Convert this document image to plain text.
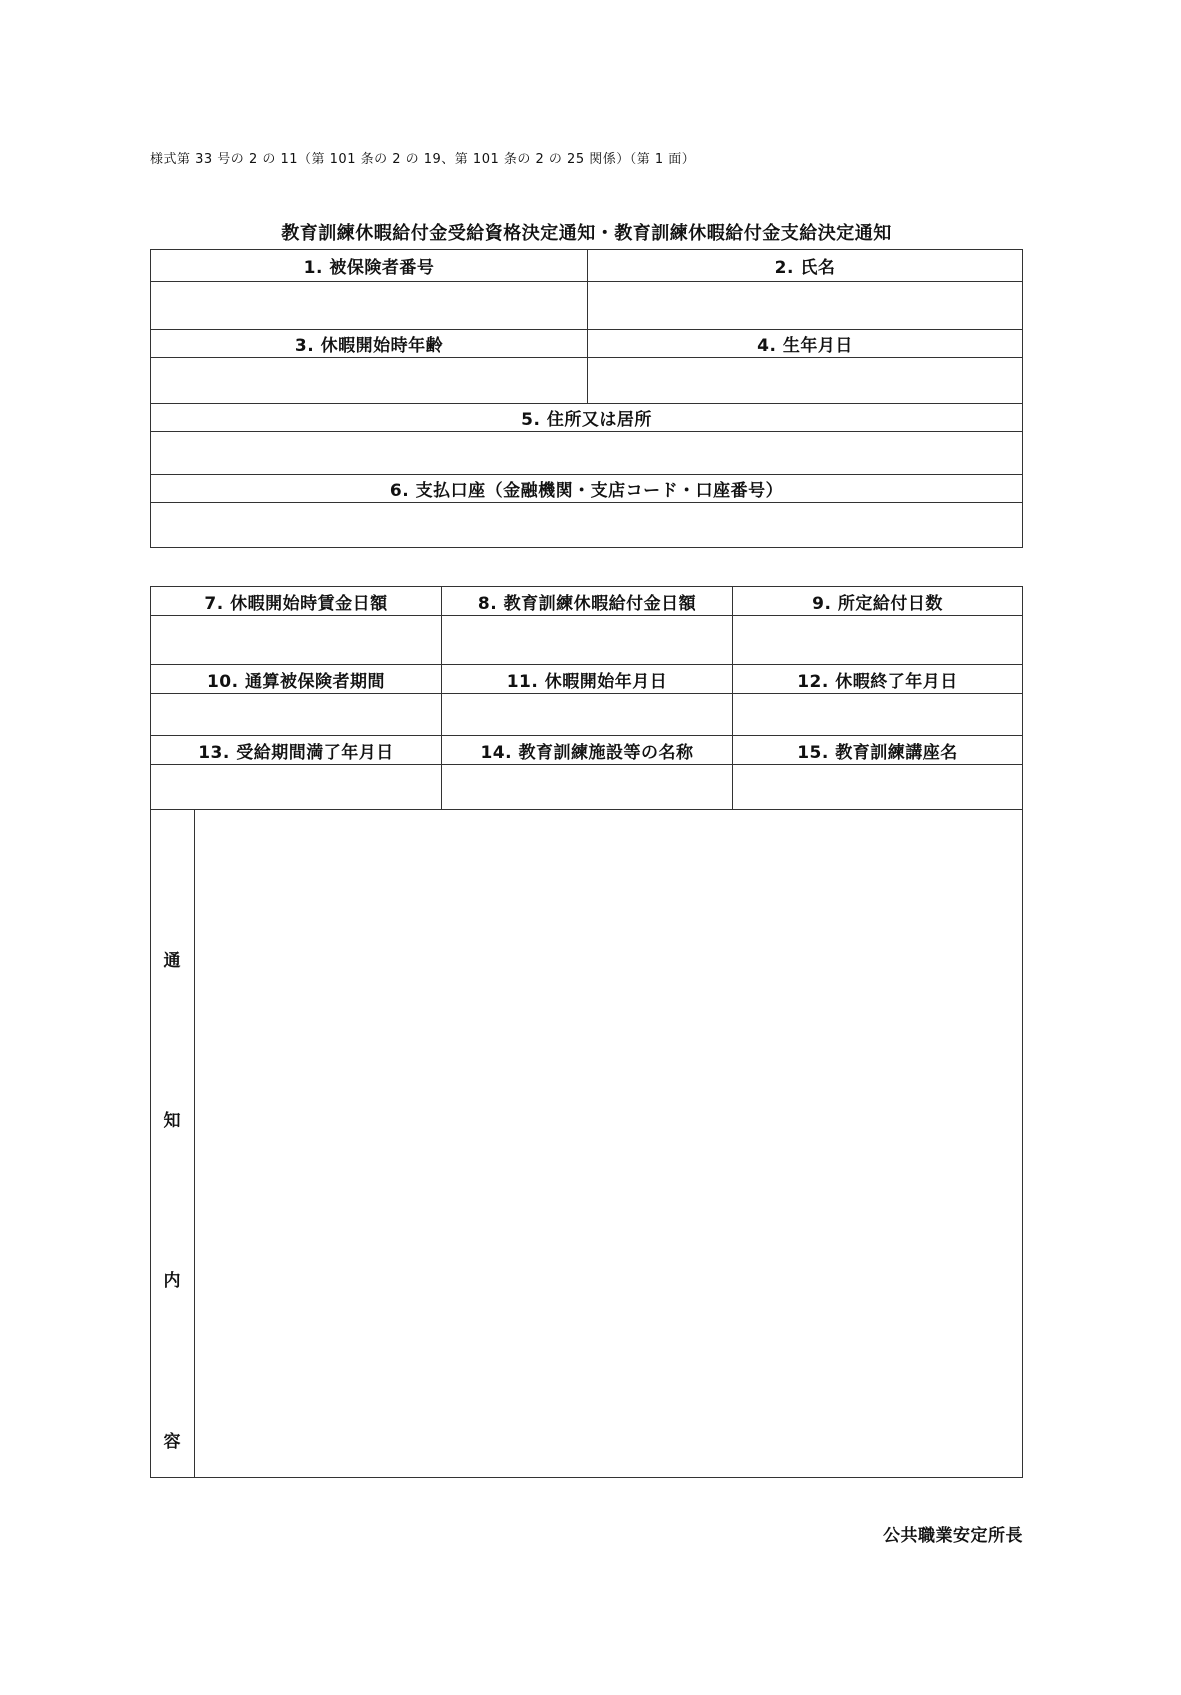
様式第 33 号の 2 の 11（第 101 条の 2 の 19、第 101 条の 2 の 25 関係）（第 1 面）
教育訓練休暇給付金受給資格決定通知・教育訓練休暇給付金支給決定通知
1. 被保険者番号	2. 氏名
3. 休暇開始時年齢	4. 生年月日
5. 住所又は居所
6. 支払口座（金融機関・支店コード・口座番号）
7. 休暇開始時賃金日額	8. 教育訓練休暇給付金日額	9. 所定給付日数
10. 通算被保険者期間	11. 休暇開始年月日	12. 休暇終了年月日
13. 受給期間満了年月日	14. 教育訓練施設等の名称	15. 教育訓練講座名
通
知
内
容
公共職業安定所長
